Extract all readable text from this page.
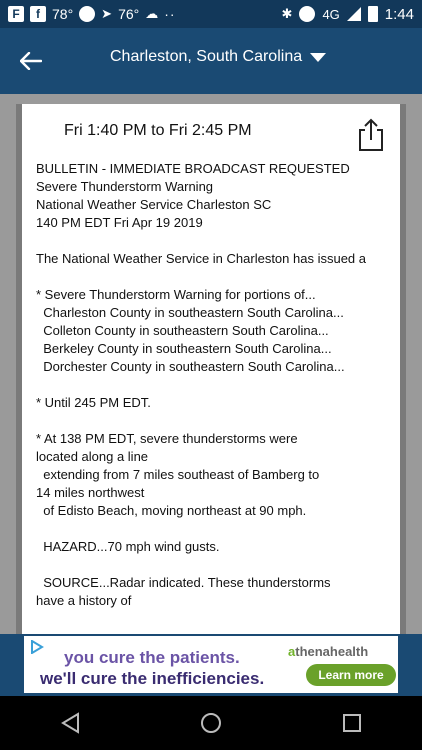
F	f 78° ➤ 76° ☁ ··	✱ 4G	1:44
Charleston, South Carolina
Fri 1:40 PM to Fri 2:45 PM
BULLETIN - IMMEDIATE BROADCAST REQUESTED
Severe Thunderstorm Warning
National Weather Service Charleston SC
140 PM EDT Fri Apr 19 2019
The National Weather Service in Charleston has issued a
* Severe Thunderstorm Warning for portions of...
Charleston County in southeastern South Carolina...
Colleton County in southeastern South Carolina...
Berkeley County in southeastern South Carolina...
Dorchester County in southeastern South Carolina...
* Until 245 PM EDT.
* At 138 PM EDT, severe thunderstorms were
located along a line
extending from 7 miles southeast of Bamberg to
14 miles northwest
of Edisto Beach, moving northeast at 90 mph.
HAZARD...70 mph wind gusts.
SOURCE...Radar indicated. These thunderstorms
have a history of
you cure the patients.
we'll cure the inefficiencies.
athenahealth
Learn more
